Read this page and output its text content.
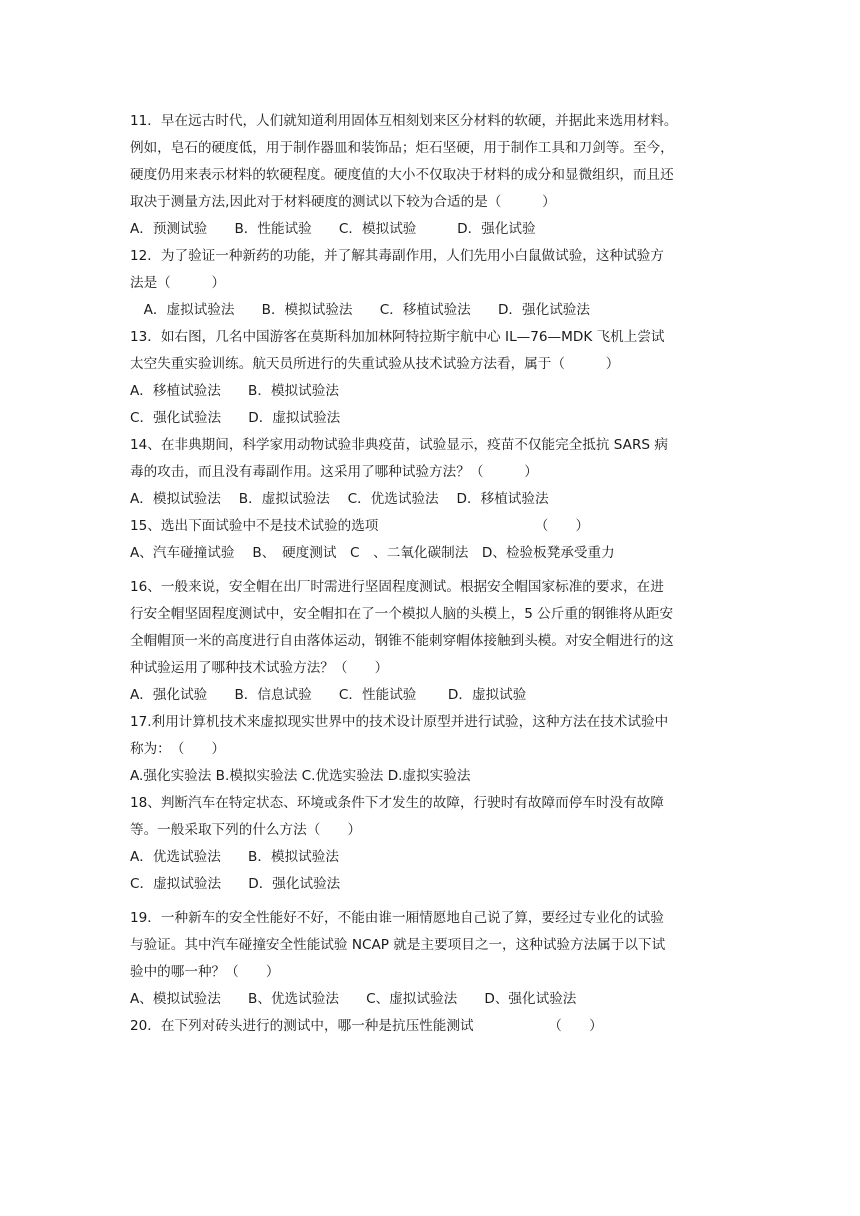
11．早在远古时代，人们就知道利用固体互相刻划来区分材料的软硬，并据此来选用材料。
例如，皂石的硬度低，用于制作器皿和装饰品；炬石坚硬，用于制作工具和刀剑等。至今，
硬度仍用来表示材料的软硬程度。硬度值的大小不仅取决于材料的成分和显微组织，而且还
取决于测量方法,因此对于材料硬度的测试以下较为合适的是（　　　）
A．预测试验　　B．性能试验　　C．模拟试验　　　D．强化试验
12．为了验证一种新药的功能，并了解其毒副作用，人们先用小白鼠做试验，这种试验方
法是（　　　）
　A．虚拟试验法　　B．模拟试验法　　C．移植试验法　　D．强化试验法
13．如右图，几名中国游客在莫斯科加加林阿特拉斯宇航中心 IL—76—MDK 飞机上尝试
太空失重实验训练。航天员所进行的失重试验从技术试验方法看，属于（　　　）
A．移植试验法　　B．模拟试验法
C．强化试验法　　D．虚拟试验法
14、在非典期间，科学家用动物试验非典疫苗，试验显示，疫苗不仅能完全抵抗 SARS 病
毒的攻击，而且没有毒副作用。这采用了哪种试验方法？（　　　）
A．模拟试验法　 B．虚拟试验法　 C．优选试验法　 D．移植试验法
15、选出下面试验中不是技术试验的选项　　　　　　　　　　　　（　　）
A、汽车碰撞试验　 B、　硬度测试　C　、二氧化碳制法　D、检验板凳承受重力
16、一般来说，安全帽在出厂时需进行坚固程度测试。根据安全帽国家标准的要求，在进
行安全帽坚固程度测试中，安全帽扣在了一个模拟人脑的头模上，5 公斤重的钢锥将从距安
全帽帽顶一米的高度进行自由落体运动，钢锥不能刺穿帽体接触到头模。对安全帽进行的这
种试验运用了哪种技术试验方法？（　　）
A．强化试验　　B．信息试验　　C．性能试验　　 D．虚拟试验
17.利用计算机技术来虚拟现实世界中的技术设计原型并进行试验，这种方法在技术试验中
称为：　（　　）
A.强化实验法 B.模拟实验法 C.优选实验法 D.虚拟实验法
18、判断汽车在特定状态、环境或条件下才发生的故障，行驶时有故障而停车时没有故障
等。一般采取下列的什么方法（　　）
A．优选试验法　　B．模拟试验法
C．虚拟试验法　　D．强化试验法
19．一种新车的安全性能好不好，不能由谁一厢情愿地自己说了算，要经过专业化的试验
与验证。其中汽车碰撞安全性能试验 NCAP 就是主要项目之一，这种试验方法属于以下试
验中的哪一种？（　　）
A、模拟试验法　　B、优选试验法　　C、虚拟试验法　　D、强化试验法
20．在下列对砖头进行的测试中，哪一种是抗压性能测试　　　　　　（　　）
